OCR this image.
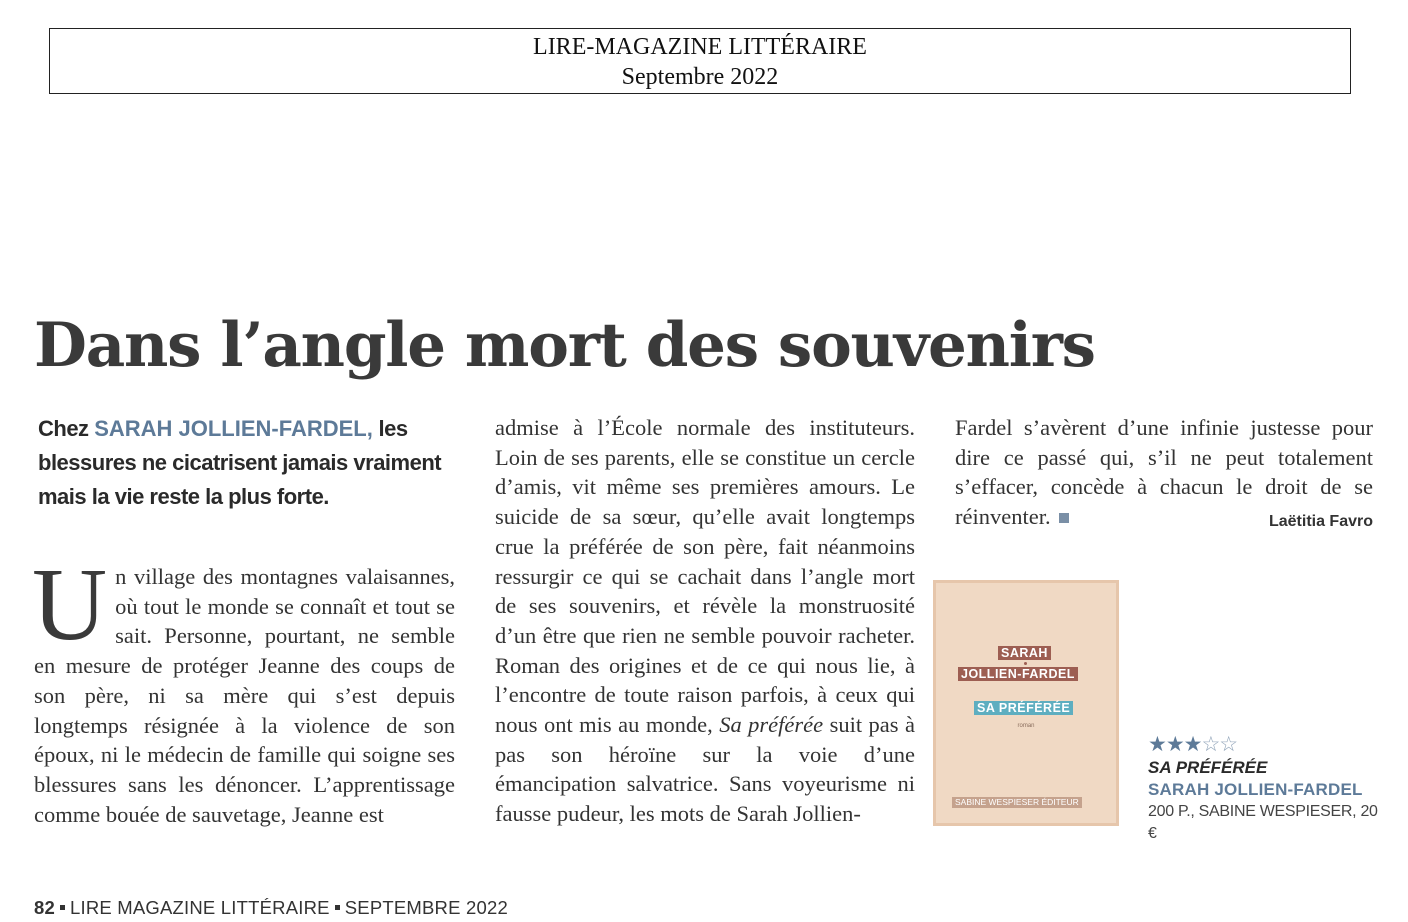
LIRE-MAGAZINE LITTÉRAIRE
Septembre 2022
Dans l’angle mort des souvenirs
Chez SARAH JOLLIEN-FARDEL, les blessures ne cicatrisent jamais vraiment mais la vie reste la plus forte.

Un village des montagnes valaisannes, où tout le monde se connaît et tout se sait. Personne, pourtant, ne semble en mesure de protéger Jeanne des coups de son père, ni sa mère qui s’est depuis longtemps résignée à la violence de son époux, ni le médecin de famille qui soigne ses blessures sans les dénoncer. L’apprentissage comme bouée de sauvetage, Jeanne est

admise à l’École normale des instituteurs. Loin de ses parents, elle se constitue un cercle d’amis, vit même ses premières amours. Le suicide de sa sœur, qu’elle avait longtemps crue la préférée de son père, fait néanmoins ressurgir ce qui se cachait dans l’angle mort de ses souvenirs, et révèle la monstruosité d’un être que rien ne semble pouvoir racheter. Roman des origines et de ce qui nous lie, à l’encontre de toute raison parfois, à ceux qui nous ont mis au monde, Sa préférée suit pas à pas son héroïne sur la voie d’une émancipation salvatrice. Sans voyeurisme ni fausse pudeur, les mots de Sarah Jollien-

Fardel s’avèrent d’une infinie justesse pour dire ce passé qui, s’il ne peut totalement s’effacer, concède à chacun le droit de se réinventer.	Laëtitia Favro

SARAH
JOLLIEN-FARDEL
SA PRÉFÉRÉE
roman
SABINE WESPIESER ÉDITEUR
★★★☆☆
SA PRÉFÉRÉE
SARAH JOLLIEN-FARDEL
200 P., SABINE WESPIESER, 20 €
82 LIRE MAGAZINE LITTÉRAIRE SEPTEMBRE 2022
